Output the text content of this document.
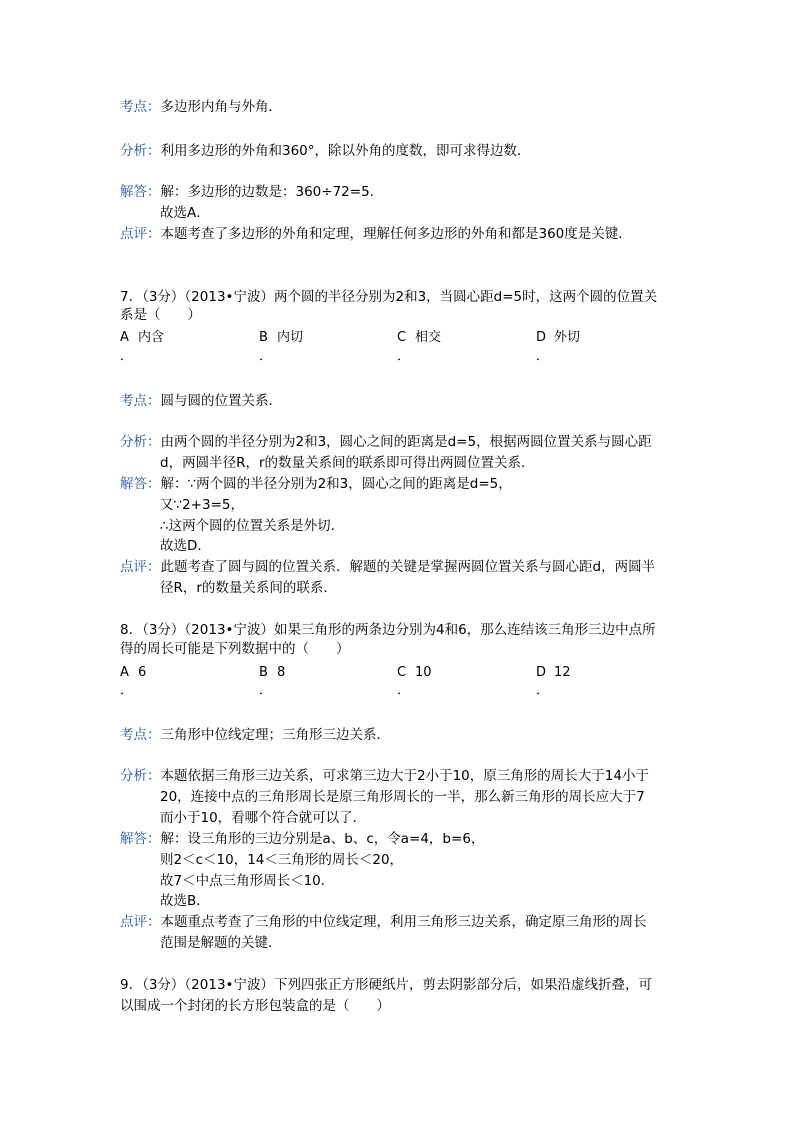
考点：多边形内角与外角．
分析：利用多边形的外角和360°，除以外角的度数，即可求得边数．
解答：解：多边形的边数是：360÷72=5．
故选A．
点评：本题考查了多边形的外角和定理，理解任何多边形的外角和都是360度是关键．
7．（3分）（2013•宁波）两个圆的半径分别为2和3，当圆心距d=5时，这两个圆的位置关
系是（　　）
A 内含	B 内切	C 相交	D 外切
．	．	．	．
考点：圆与圆的位置关系．
分析：由两个圆的半径分别为2和3，圆心之间的距离是d=5，根据两圆位置关系与圆心距
d，两圆半径R，r的数量关系间的联系即可得出两圆位置关系．
解答：解：∵两个圆的半径分别为2和3，圆心之间的距离是d=5，
又∵2+3=5，
∴这两个圆的位置关系是外切．
故选D．
点评：此题考查了圆与圆的位置关系．解题的关键是掌握两圆位置关系与圆心距d，两圆半
径R，r的数量关系间的联系．
8．（3分）（2013•宁波）如果三角形的两条边分别为4和6，那么连结该三角形三边中点所
得的周长可能是下列数据中的（　　）
A 6	B 8	C 10	D 12
．	．	．	．
考点：三角形中位线定理；三角形三边关系．
分析：本题依据三角形三边关系，可求第三边大于2小于10，原三角形的周长大于14小于
20，连接中点的三角形周长是原三角形周长的一半，那么新三角形的周长应大于7
而小于10，看哪个符合就可以了．
解答：解：设三角形的三边分别是a、b、c，令a=4，b=6，
则2＜c＜10，14＜三角形的周长＜20，
故7＜中点三角形周长＜10．
故选B．
点评：本题重点考查了三角形的中位线定理，利用三角形三边关系，确定原三角形的周长
范围是解题的关键．
9．（3分）（2013•宁波）下列四张正方形硬纸片，剪去阴影部分后，如果沿虚线折叠，可
以围成一个封闭的长方形包装盒的是（　　）
